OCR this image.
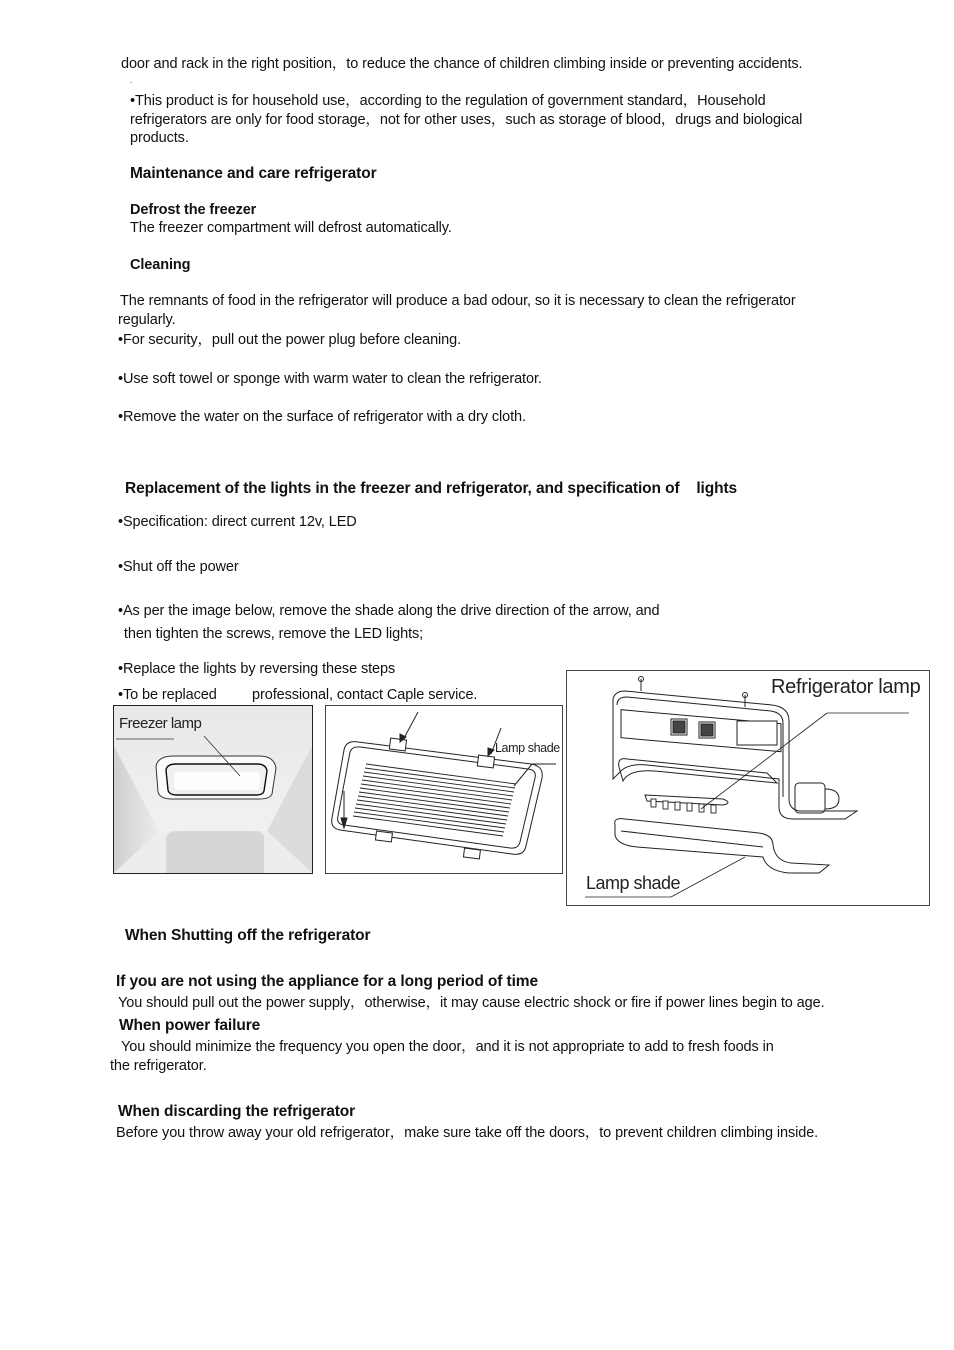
door and rack in the right position，to reduce the chance of children climbing inside or preventing accidents.
.
•This product is for household use，according to the regulation of government standard，Household
refrigerators are only for food storage，not for other uses，such as storage of blood，drugs and biological
products.
Maintenance and care refrigerator
Defrost the freezer
The freezer compartment will defrost automatically.
Cleaning
The remnants of food in the refrigerator will produce a bad odour, so it is necessary to clean the refrigerator
regularly.
•For security，pull out the power plug before cleaning.
•Use soft towel or sponge with warm water to clean the refrigerator.
•Remove the water on the surface of refrigerator with a dry cloth.
Replacement of the lights in the freezer and refrigerator, and specification of    lights
•Specification: direct current 12v, LED
•Shut off the power
•As per the image below, remove the shade along the drive direction of the arrow, and
then tighten the screws, remove the LED lights;
•Replace the lights by reversing these steps
•To be replaced         professional, contact Caple service.
Freezer lamp
Lamp shade
Refrigerator lamp
Lamp shade
When Shutting off the refrigerator
If you are not using the appliance for a long period of time
You should pull out the power supply，otherwise，it may cause electric shock or fire if power lines begin to age.
When power failure
You should minimize the frequency you open the door，and it is not appropriate to add to fresh foods in
the refrigerator.
When discarding the refrigerator
Before you throw away your old refrigerator，make sure take off the doors，to prevent children climbing inside.
